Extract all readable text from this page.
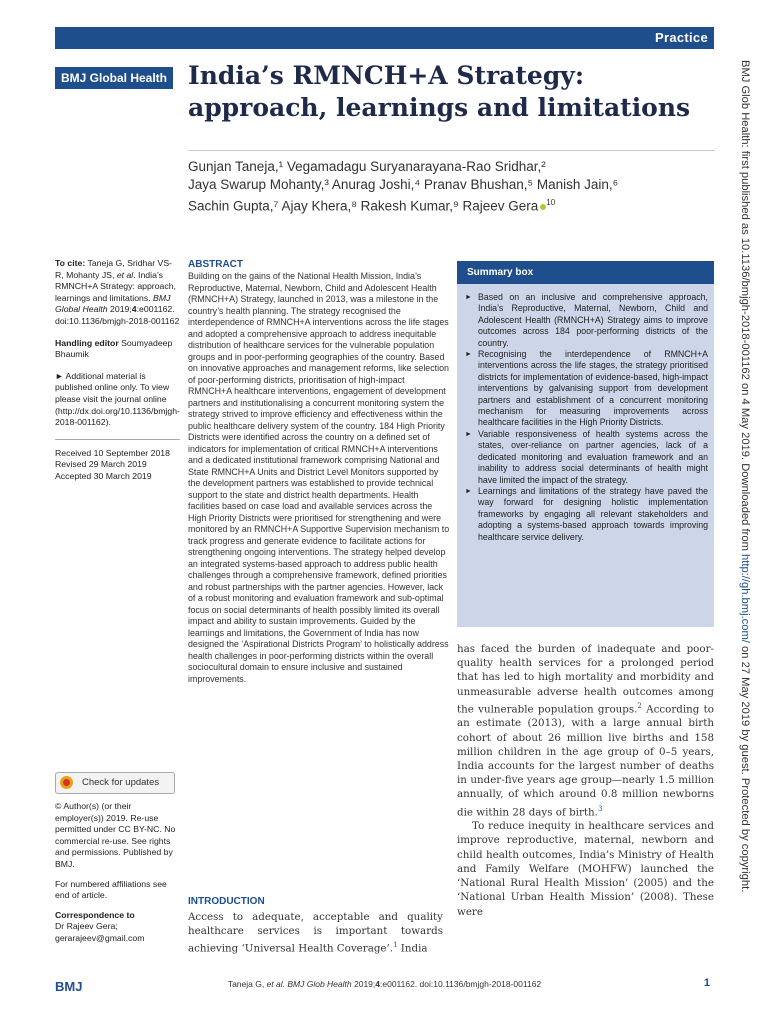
Practice
BMJ Global Health India’s RMNCH+A Strategy: approach, learnings and limitations
Gunjan Taneja,¹ Vegamadagu Suryanarayana-Rao Sridhar,²
Jaya Swarup Mohanty,³ Anurag Joshi,⁴ Pranav Bhushan,⁵ Manish Jain,⁶
Sachin Gupta,⁷ Ajay Khera,⁸ Rakesh Kumar,⁹ Rajeev Gera $^{10}$

To cite: Taneja G, Sridhar VS-R, Mohanty JS, et al. India’s RMNCH+A Strategy: approach, learnings and limitations. BMJ Global Health 2019;4:e001162. doi:10.1136/bmjgh-2018-001162

Handling editor Soumyadeep Bhaumik

► Additional material is published online only. To view please visit the journal online (http://dx.doi.org/10.1136/bmjgh-2018-001162).

Received 10 September 2018
Revised 29 March 2019
Accepted 30 March 2019
Check for updates

© Author(s) (or their employer(s)) 2019. Re-use permitted under CC BY-NC. No commercial re-use. See rights and permissions. Published by BMJ.

For numbered affiliations see end of article.

Correspondence to
Dr Rajeev Gera;
gerarajeev@gmail.com
ABSTRACT
Building on the gains of the National Health Mission, India’s Reproductive, Maternal, Newborn, Child and Adolescent Health (RMNCH+A) Strategy, launched in 2013, was a milestone in the country’s health planning. The strategy recognised the interdependence of RMNCH+A interventions across the life stages and adopted a comprehensive approach to address inequitable distribution of healthcare services for the vulnerable population groups and in poor-performing geographies of the country. Based on innovative approaches and management reforms, like selection of poor-performing districts, prioritisation of high-impact RMNCH+A healthcare interventions, engagement of development partners and institutionalising a concurrent monitoring system the strategy strived to improve efficiency and effectiveness within the public healthcare delivery system of the country. 184 High Priority Districts were identified across the country on a defined set of indicators for implementation of critical RMNCH+A interventions and a dedicated institutional framework comprising National and State RMNCH+A Units and District Level Monitors supported by the development partners was established to provide technical support to the state and district health departments. Health facilities based on case load and available services across the High Priority Districts were prioritised for strengthening and were monitored by an RMNCH+A Supportive Supervision mechanism to track progress and generate evidence to facilitate actions for strengthening ongoing interventions. The strategy helped develop an integrated systems-based approach to address public health challenges through a comprehensive framework, defined priorities and robust partnerships with the partner agencies. However, lack of a robust monitoring and evaluation framework and sub-optimal focus on social determinants of health possibly limited its overall impact and ability to sustain improvements. Guided by the learnings and limitations, the Government of India has now designed the ‘Aspirational Districts Program’ to holistically address health challenges in poor-performing districts within the overall sociocultural domain to ensure inclusive and sustained improvements.
INTRODUCTION
Access to adequate, acceptable and quality healthcare services is important towards achieving ‘Universal Health Coverage’.$^1$ India
Summary box
► Based on an inclusive and comprehensive approach, India’s Reproductive, Maternal, Newborn, Child and Adolescent Health (RMNCH+A) Strategy aims to improve outcomes across 184 poor-performing districts of the country.
► Recognising the interdependence of RMNCH+A interventions across the life stages, the strategy prioritised districts for implementation of evidence-based, high-impact interventions by galvanising support from development partners and establishment of a concurrent monitoring mechanism for measuring improvements across healthcare facilities in the High Priority Districts.
► Variable responsiveness of health systems across the states, over-reliance on partner agencies, lack of a dedicated monitoring and evaluation framework and an inability to address social determinants of health might have limited the impact of the strategy.
► Learnings and limitations of the strategy have paved the way forward for designing holistic implementation frameworks by engaging all relevant stakeholders and adopting a systems-based approach towards improving healthcare service delivery.

has faced the burden of inadequate and poor-quality health services for a prolonged period that has led to high mortality and morbidity and unmeasurable adverse health outcomes among the vulnerable population groups.$^2$ According to an estimate (2013), with a large annual birth cohort of about 26 million live births and 158 million children in the age group of 0–5 years, India accounts for the largest number of deaths in under-five years age group—nearly 1.5 million annually, of which around 0.8 million newborns die within 28 days of birth.$^3$

To reduce inequity in healthcare services and improve reproductive, maternal, newborn and child health outcomes, India’s Ministry of Health and Family Welfare (MOHFW) launched the ‘National Rural Health Mission’ (2005) and the ‘National Urban Health Mission’ (2008). These were

BMJ Glob Health: first published as 10.1136/bmjgh-2018-001162 on 4 May 2019. Downloaded from http://gh.bmj.com/ on 27 May 2019 by guest. Protected by copyright.
BMJ	Taneja G, et al. BMJ Glob Health 2019;4:e001162. doi:10.1136/bmjgh-2018-001162	1
